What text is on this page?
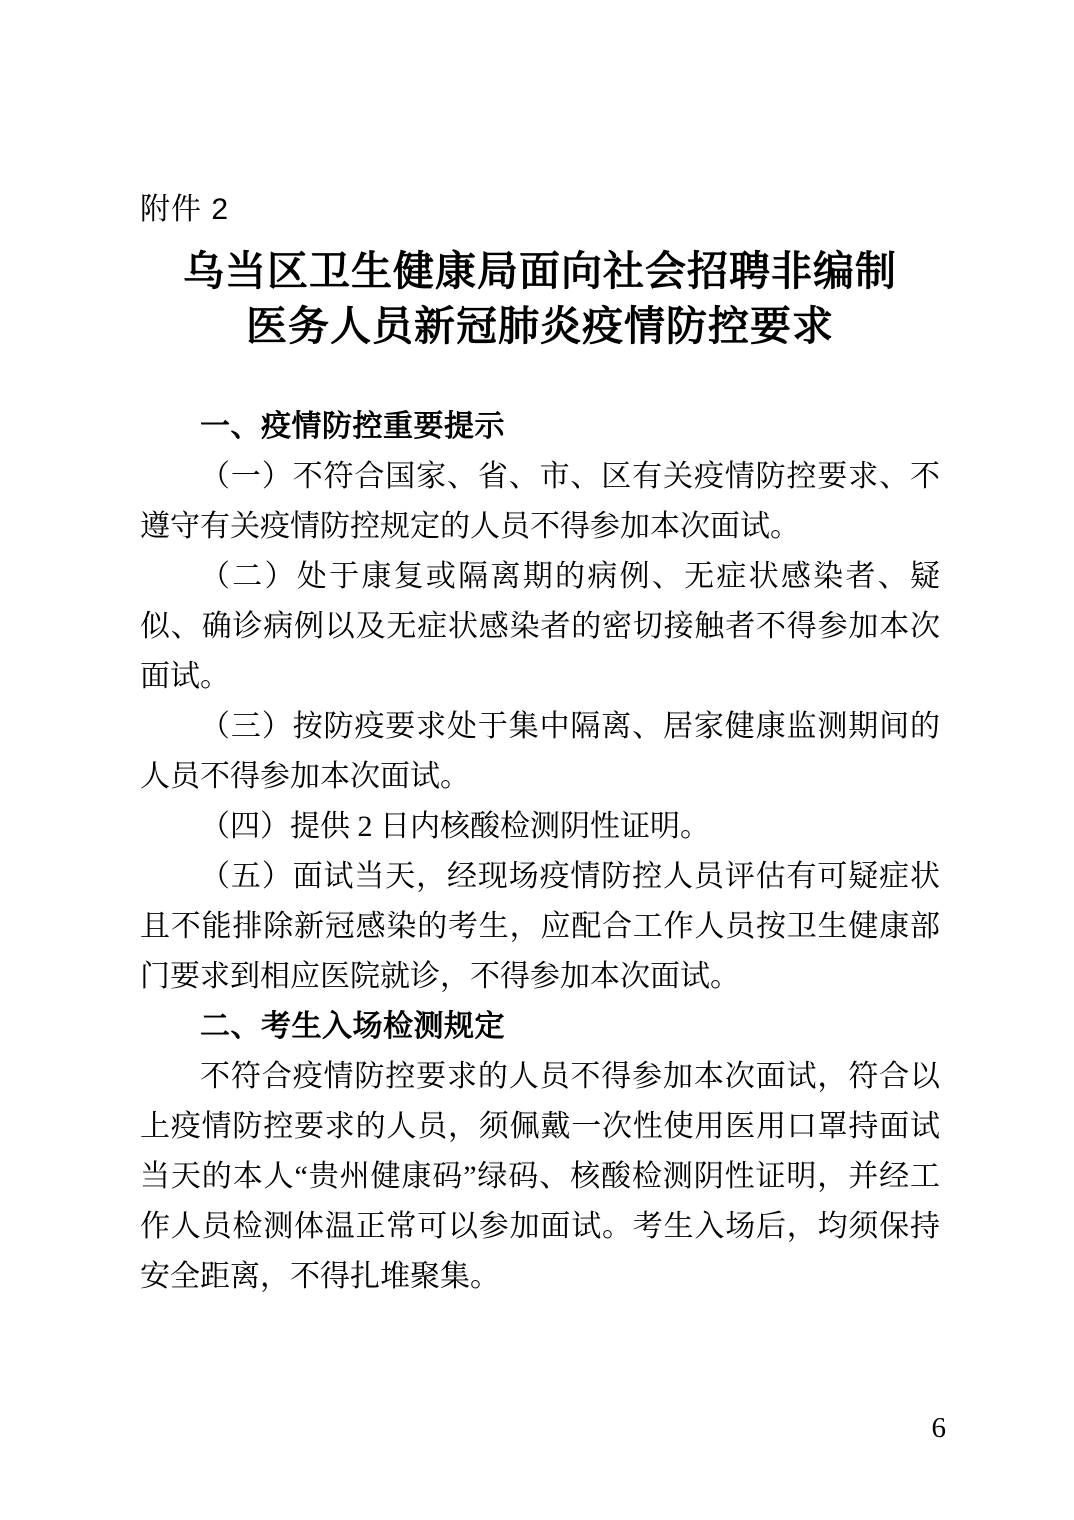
附件 2
乌当区卫生健康局面向社会招聘非编制
医务人员新冠肺炎疫情防控要求
一、疫情防控重要提示

（一）不符合国家、省、市、区有关疫情防控要求、不遵守有关疫情防控规定的人员不得参加本次面试。

（二）处于康复或隔离期的病例、无症状感染者、疑似、确诊病例以及无症状感染者的密切接触者不得参加本次面试。

（三）按防疫要求处于集中隔离、居家健康监测期间的人员不得参加本次面试。

（四）提供 2 日内核酸检测阴性证明。

（五）面试当天，经现场疫情防控人员评估有可疑症状且不能排除新冠感染的考生，应配合工作人员按卫生健康部门要求到相应医院就诊，不得参加本次面试。

二、考生入场检测规定

不符合疫情防控要求的人员不得参加本次面试，符合以上疫情防控要求的人员，须佩戴一次性使用医用口罩持面试当天的本人“贵州健康码”绿码、核酸检测阴性证明，并经工作人员检测体温正常可以参加面试。考生入场后，均须保持安全距离，不得扎堆聚集。

6
